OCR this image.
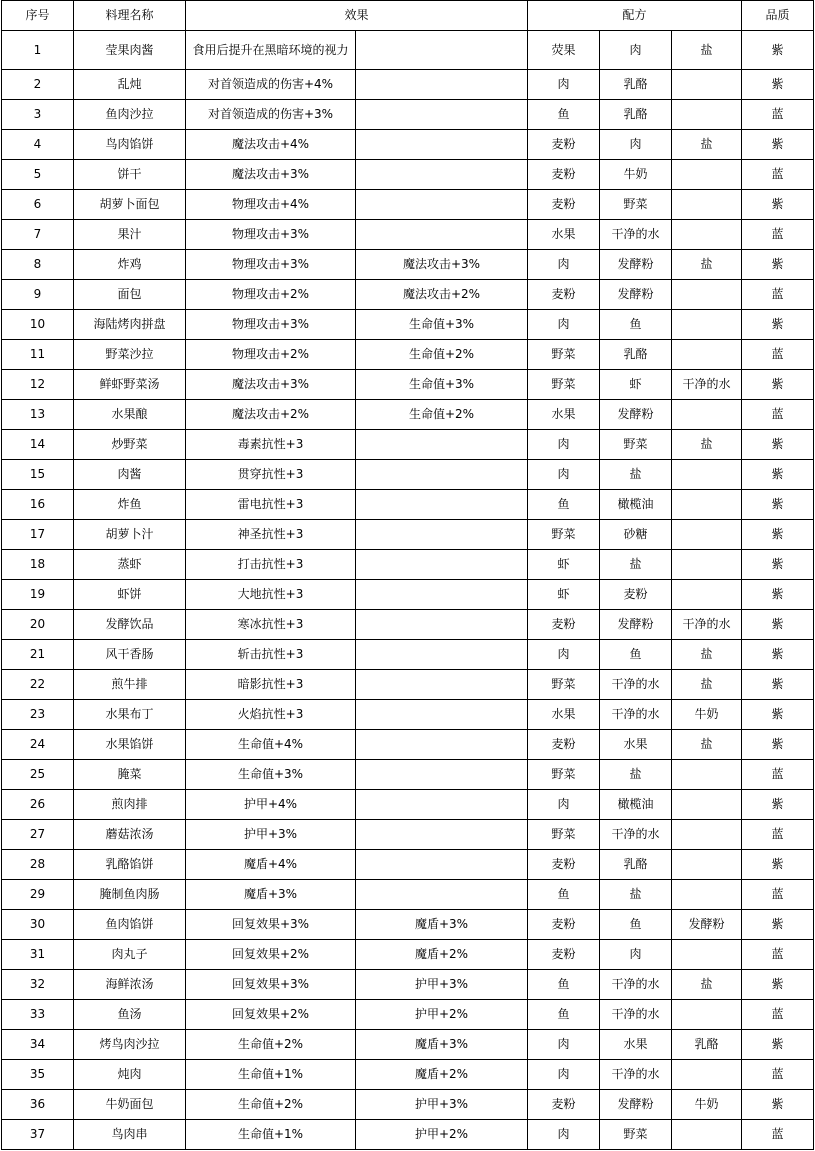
序号	料理名称	效果		配方			品质
1	莹果肉酱	食用后提升在黑暗环境的视力		荧果	肉	盐	紫
2	乱炖	对首领造成的伤害+4%		肉	乳酪		紫
3	鱼肉沙拉	对首领造成的伤害+3%		鱼	乳酪		蓝
4	鸟肉馅饼	魔法攻击+4%		麦粉	肉	盐	紫
5	饼干	魔法攻击+3%		麦粉	牛奶		蓝
6	胡萝卜面包	物理攻击+4%		麦粉	野菜		紫
7	果汁	物理攻击+3%		水果	干净的水		蓝
8	炸鸡	物理攻击+3%	魔法攻击+3%	肉	发酵粉	盐	紫
9	面包	物理攻击+2%	魔法攻击+2%	麦粉	发酵粉		蓝
10	海陆烤肉拼盘	物理攻击+3%	生命值+3%	肉	鱼		紫
11	野菜沙拉	物理攻击+2%	生命值+2%	野菜	乳酪		蓝
12	鲜虾野菜汤	魔法攻击+3%	生命值+3%	野菜	虾	干净的水	紫
13	水果酿	魔法攻击+2%	生命值+2%	水果	发酵粉		蓝
14	炒野菜	毒素抗性+3		肉	野菜	盐	紫
15	肉酱	贯穿抗性+3		肉	盐		紫
16	炸鱼	雷电抗性+3		鱼	橄榄油		紫
17	胡萝卜汁	神圣抗性+3		野菜	砂糖		紫
18	蒸虾	打击抗性+3		虾	盐		紫
19	虾饼	大地抗性+3		虾	麦粉		紫
20	发酵饮品	寒冰抗性+3		麦粉	发酵粉	干净的水	紫
21	风干香肠	斩击抗性+3		肉	鱼	盐	紫
22	煎牛排	暗影抗性+3		野菜	干净的水	盐	紫
23	水果布丁	火焰抗性+3		水果	干净的水	牛奶	紫
24	水果馅饼	生命值+4%		麦粉	水果	盐	紫
25	腌菜	生命值+3%		野菜	盐		蓝
26	煎肉排	护甲+4%		肉	橄榄油		紫
27	蘑菇浓汤	护甲+3%		野菜	干净的水		蓝
28	乳酪馅饼	魔盾+4%		麦粉	乳酪		紫
29	腌制鱼肉肠	魔盾+3%		鱼	盐		蓝
30	鱼肉馅饼	回复效果+3%	魔盾+3%	麦粉	鱼	发酵粉	紫
31	肉丸子	回复效果+2%	魔盾+2%	麦粉	肉		蓝
32	海鲜浓汤	回复效果+3%	护甲+3%	鱼	干净的水	盐	紫
33	鱼汤	回复效果+2%	护甲+2%	鱼	干净的水		蓝
34	烤鸟肉沙拉	生命值+2%	魔盾+3%	肉	水果	乳酪	紫
35	炖肉	生命值+1%	魔盾+2%	肉	干净的水		蓝
36	牛奶面包	生命值+2%	护甲+3%	麦粉	发酵粉	牛奶	紫
37	鸟肉串	生命值+1%	护甲+2%	肉	野菜		蓝
